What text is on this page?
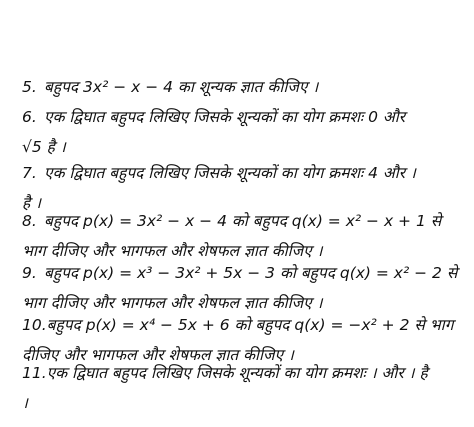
5. बहुपद 3x² − x − 4 का शून्यक ज्ञात कीजिए ।
6. एक द्विघात बहुपद लिखिए जिसके शून्यकों का योग क्रमशः 0 और
√5 है ।
7. एक द्विघात बहुपद लिखिए जिसके शून्यकों का योग क्रमशः 4 और ।
है ।
8. बहुपद p(x) = 3x² − x − 4 को बहुपद q(x) = x² − x + 1 से
भाग दीजिए और भागफल और शेषफल ज्ञात कीजिए ।
9. बहुपद p(x) = x³ − 3x² + 5x − 3 को बहुपद q(x) = x² − 2 से
भाग दीजिए और भागफल और शेषफल ज्ञात कीजिए ।
10.बहुपद p(x) = x⁴ − 5x + 6 को बहुपद q(x) = −x² + 2 से भाग
दीजिए और भागफल और शेषफल ज्ञात कीजिए ।
11.एक द्विघात बहुपद लिखिए जिसके शून्यकों का योग क्रमशः । और । है
।
